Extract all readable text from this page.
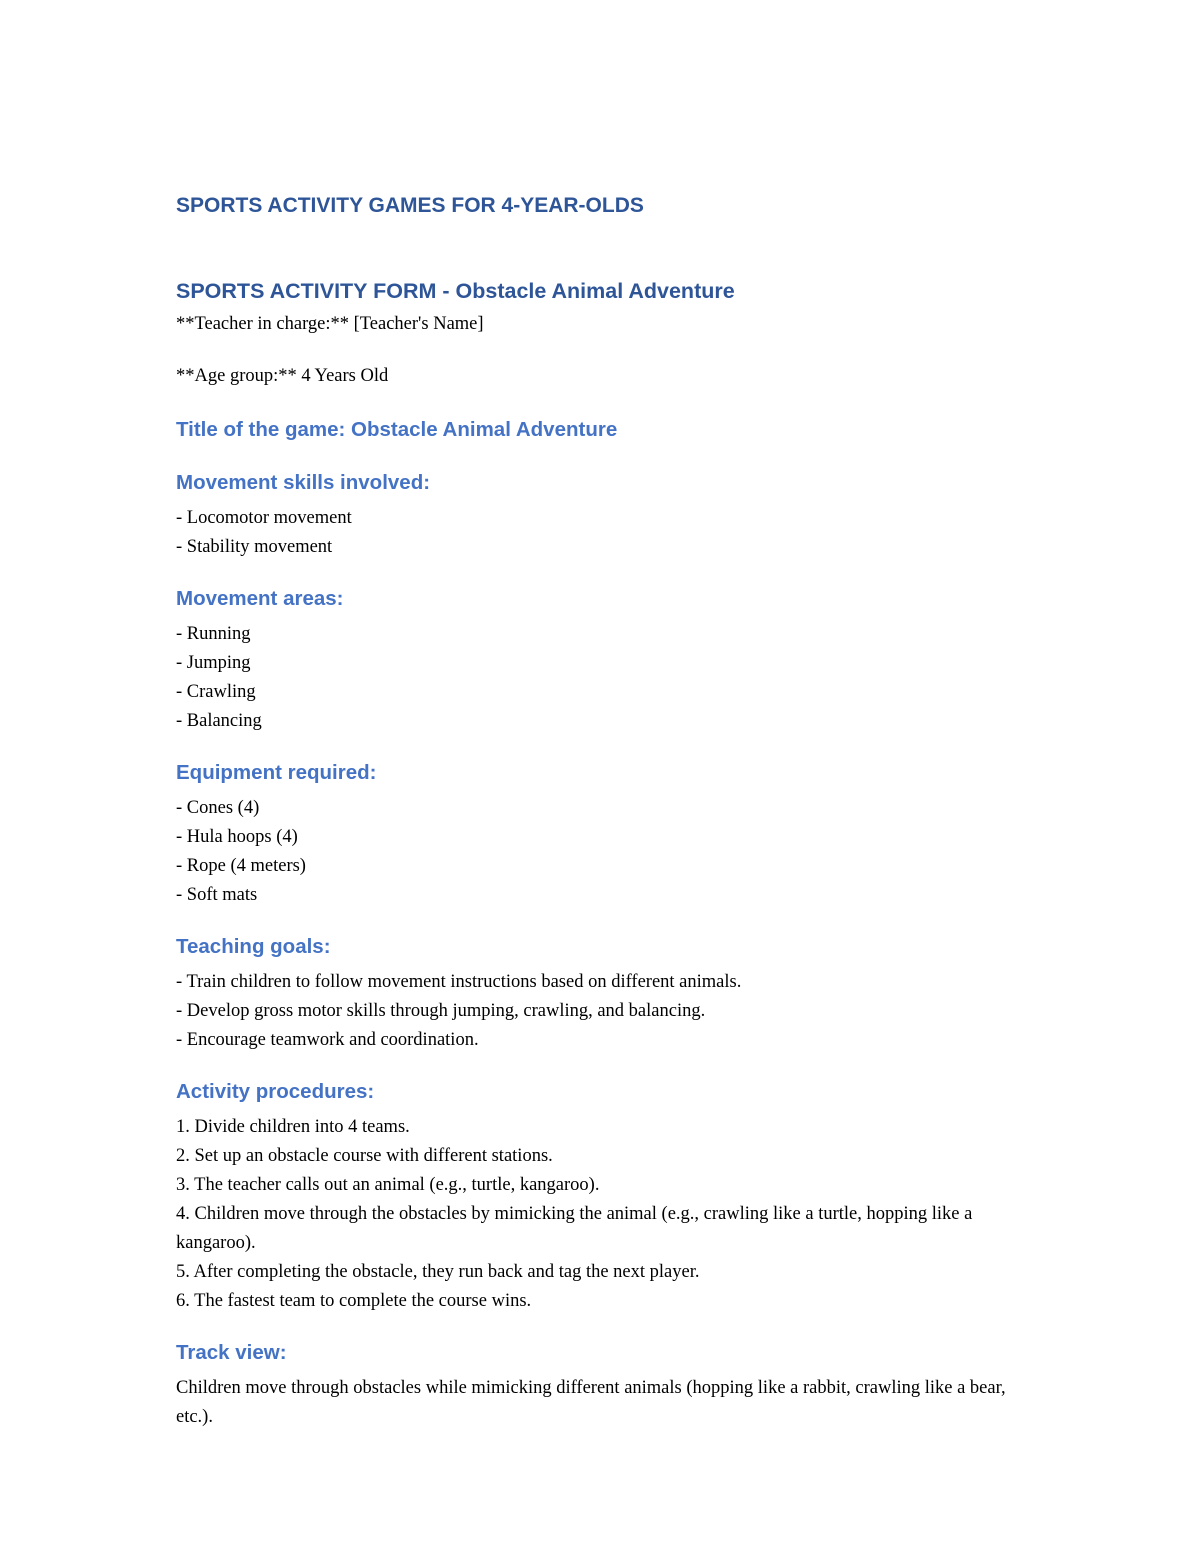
SPORTS ACTIVITY GAMES FOR 4-YEAR-OLDS
SPORTS ACTIVITY FORM - Obstacle Animal Adventure

**Teacher in charge:** [Teacher's Name]

**Age group:** 4 Years Old

Title of the game: Obstacle Animal Adventure
Movement skills involved:
- Locomotor movement
- Stability movement
Movement areas:
- Running
- Jumping
- Crawling
- Balancing
Equipment required:
- Cones (4)
- Hula hoops (4)
- Rope (4 meters)
- Soft mats
Teaching goals:
- Train children to follow movement instructions based on different animals.
- Develop gross motor skills through jumping, crawling, and balancing.
- Encourage teamwork and coordination.
Activity procedures:
1. Divide children into 4 teams.
2. Set up an obstacle course with different stations.
3. The teacher calls out an animal (e.g., turtle, kangaroo).
4. Children move through the obstacles by mimicking the animal (e.g., crawling like a turtle, hopping like a kangaroo).
5. After completing the obstacle, they run back and tag the next player.
6. The fastest team to complete the course wins.
Track view:

Children move through obstacles while mimicking different animals (hopping like a rabbit, crawling like a bear, etc.).
